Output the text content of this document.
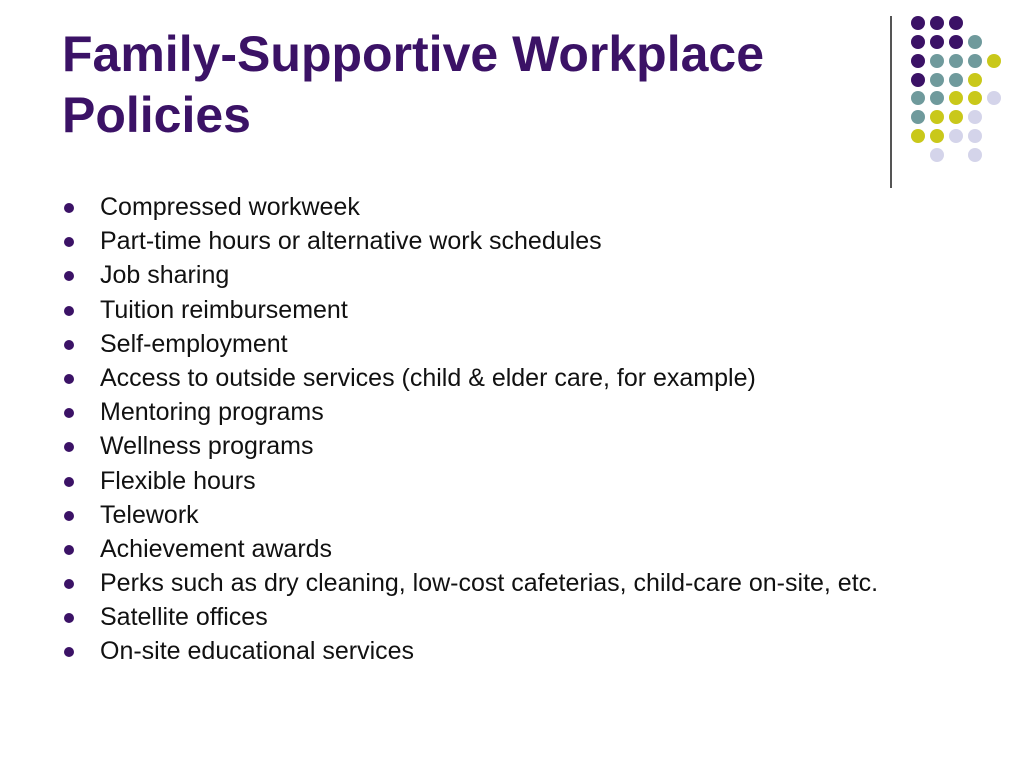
Family-Supportive Workplace Policies
Compressed workweek
Part-time hours or alternative work schedules
Job sharing
Tuition reimbursement
Self-employment
Access to outside services (child & elder care, for example)
Mentoring programs
Wellness programs
Flexible hours
Telework
Achievement awards
Perks such as dry cleaning, low-cost cafeterias, child-care on-site, etc.
Satellite offices
On-site educational services
